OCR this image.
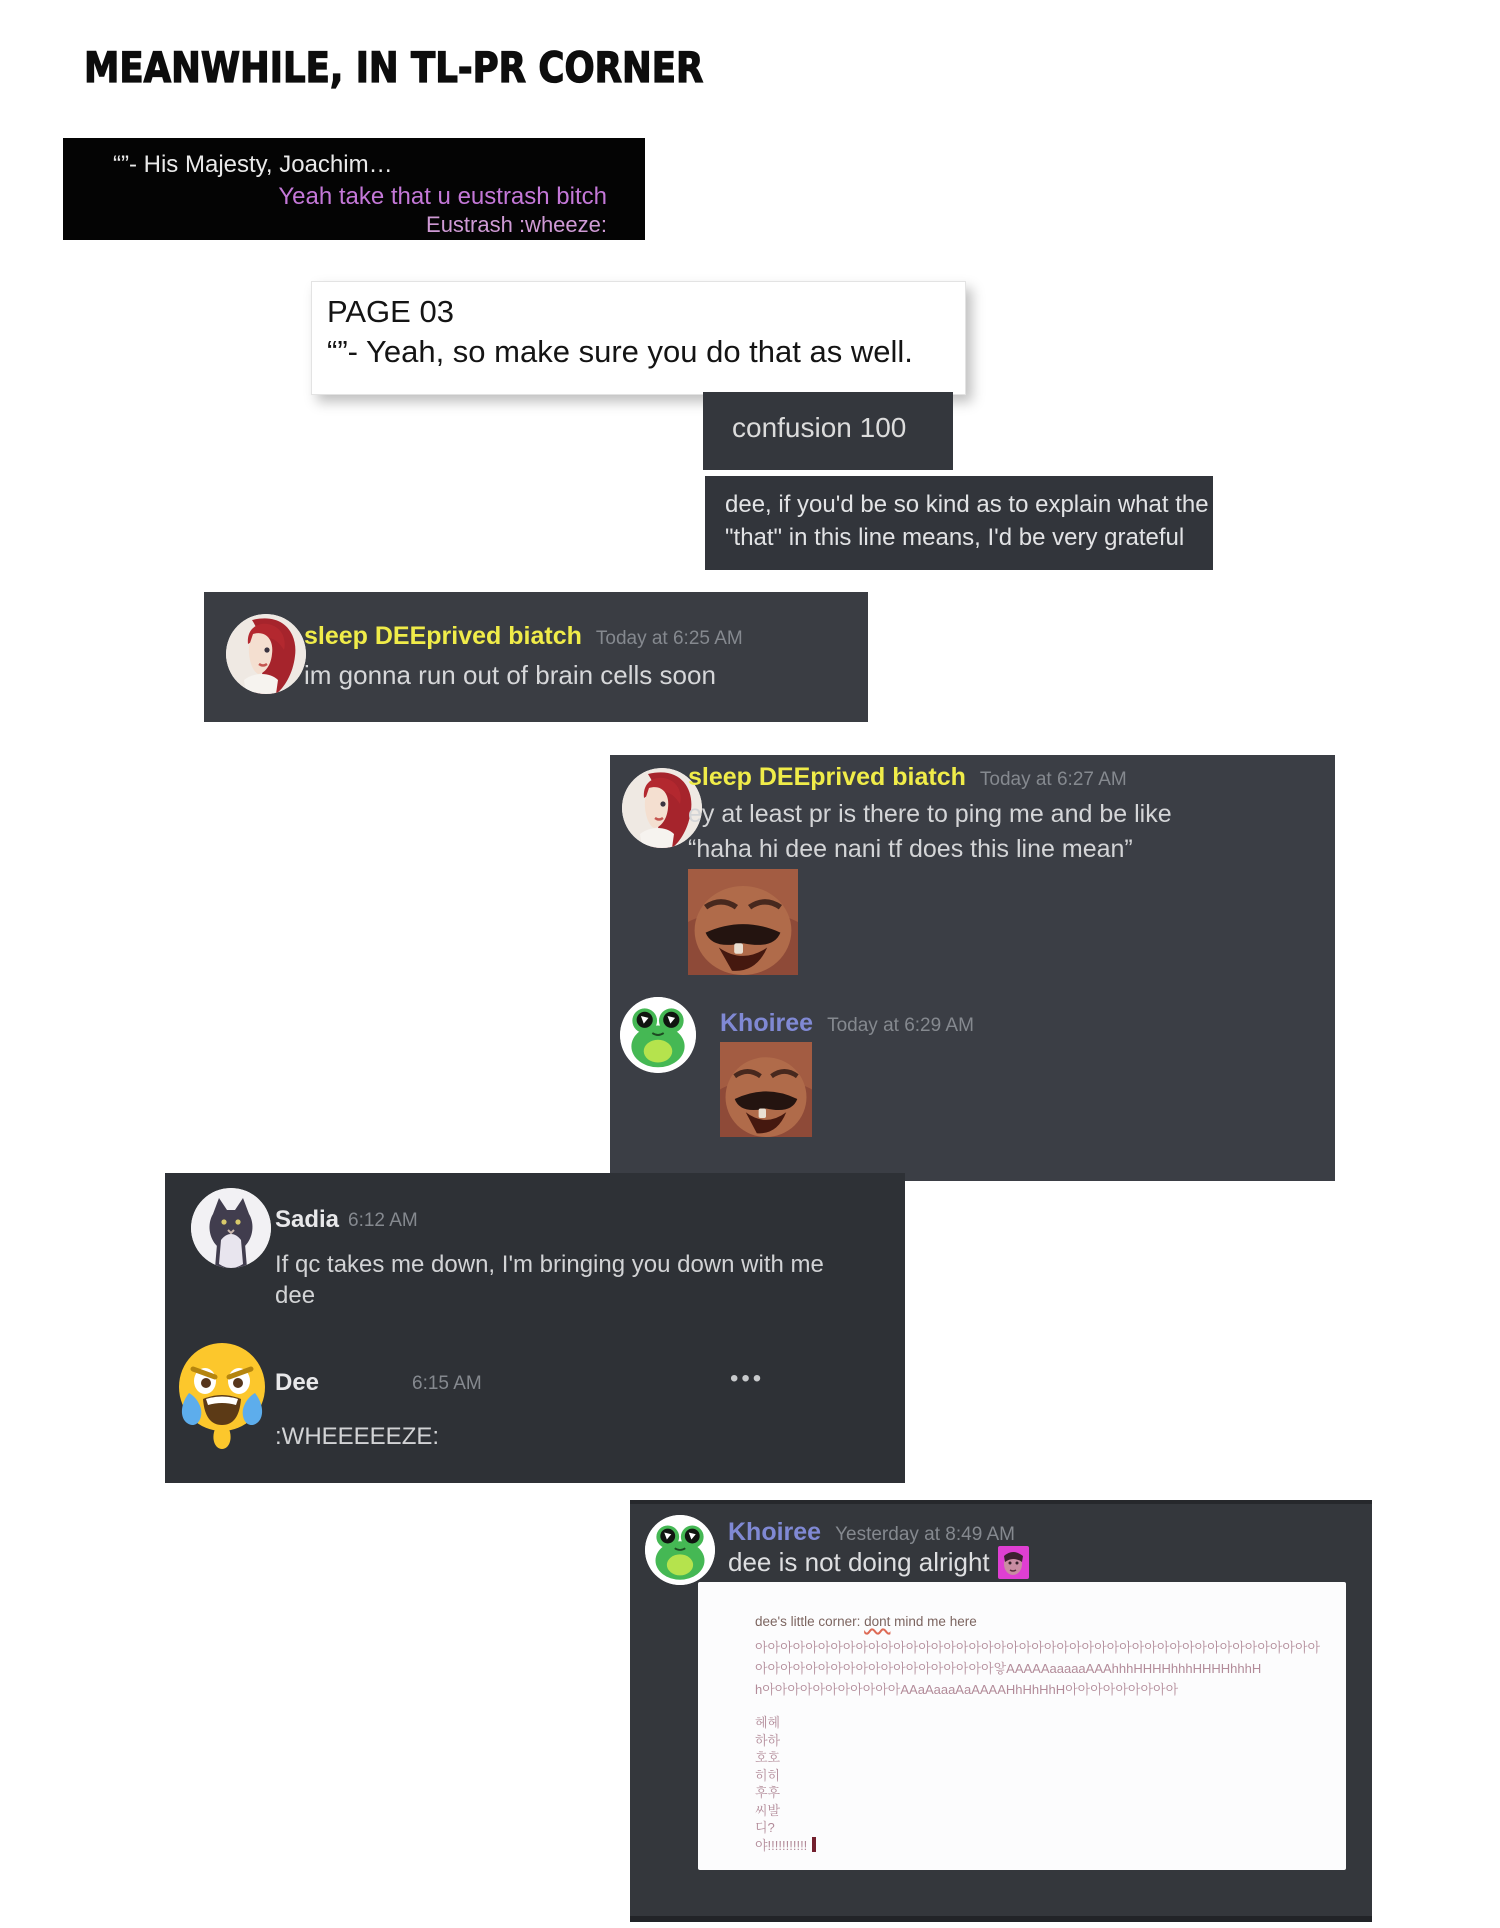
MEANWHILE, IN TL-PR CORNER
“”- His Majesty, Joachim…
Yeah take that u eustrash bitch
Eustrash :wheeze:
PAGE 03
“”- Yeah, so make sure you do that as well.
confusion 100
dee, if you'd be so kind as to explain what the
"that" in this line means, I'd be very grateful
sleep DEEprived biatch Today at 6:25 AM
im gonna run out of brain cells soon
sleep DEEprived biatch Today at 6:27 AM
ey at least pr is there to ping me and be like
“haha hi dee nani tf does this line mean”
Khoiree Today at 6:29 AM
Sadia 6:12 AM
If qc takes me down, I'm bringing you down with me
dee
Dee	6:15 AM	•••
:WHEEEEEZE:
Khoiree Yesterday at 8:49 AM
dee is not doing alright
dee's little corner: dont mind me here
아아아아아아아아아아아아아아아아아아아아아아아아아아아아아아아아아아아아아아아아아아아아아
아아아아아아아아아아아아아아아아아아아앟AAAAAaaaaaAAAhhhHHHHhhhHHHHhhhH
h아아아아아아아아아아아AAaAaaaAaAAAAHhHhHhH아아아아아아아아아
헤헤
하하
호호
히히
후후
씨발
디?
야!!!!!!!!!!!
